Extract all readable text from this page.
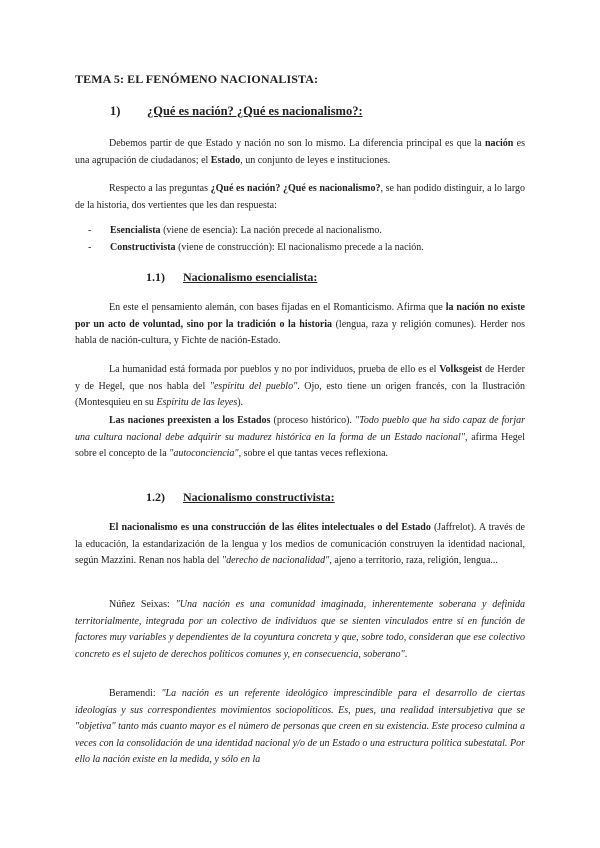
TEMA 5: EL FENÓMENO NACIONALISTA:
1) ¿Qué es nación? ¿Qué es nacionalismo?:

Debemos partir de que Estado y nación no son lo mismo. La diferencia principal es que la nación es una agrupación de ciudadanos; el Estado, un conjunto de leyes e instituciones.

Respecto a las preguntas ¿Qué es nación? ¿Qué es nacionalismo?, se han podido distinguir, a lo largo de la historia, dos vertientes que les dan respuesta:

- Esencialista (viene de esencia): La nación precede al nacionalismo.
- Constructivista (viene de construcción): El nacionalismo precede a la nación.
1.1) Nacionalismo esencialista:

En este el pensamiento alemán, con bases fijadas en el Romanticismo. Afirma que la nación no existe por un acto de voluntad, sino por la tradición o la historia (lengua, raza y religión comunes). Herder nos habla de nación-cultura, y Fichte de nación-Estado.

La humanidad está formada por pueblos y no por individuos, prueba de ello es el Volksgeist de Herder y de Hegel, que nos habla del "espíritu del pueblo". Ojo, esto tiene un origen francés, con la Ilustración (Montesquieu en su Espíritu de las leyes).

Las naciones preexisten a los Estados (proceso histórico). "Todo pueblo que ha sido capaz de forjar una cultura nacional debe adquirir su madurez histórica en la forma de un Estado nacional", afirma Hegel sobre el concepto de la "autoconciencia", sobre el que tantas veces reflexiona.

1.2) Nacionalismo constructivista:

El nacionalismo es una construcción de las élites intelectuales o del Estado (Jaffrelot). A través de la educación, la estandarización de la lengua y los medios de comunicación construyen la identidad nacional, según Mazzini. Renan nos habla del "derecho de nacionalidad", ajeno a territorio, raza, religión, lengua...

Núñez Seixas: "Una nación es una comunidad imaginada, inherentemente soberana y definida territorialmente, integrada por un colectivo de individuos que se sienten vinculados entre sí en función de factores muy variables y dependientes de la coyuntura concreta y que, sobre todo, consideran que ese colectivo concreto es el sujeto de derechos políticos comunes y, en consecuencia, soberano".

Beramendi: "La nación es un referente ideológico imprescindible para el desarrollo de ciertas ideologías y sus correspondientes movimientos sociopolíticos. Es, pues, una realidad intersubjetiva que se "objetiva" tanto más cuanto mayor es el número de personas que creen en su existencia. Este proceso culmina a veces con la consolidación de una identidad nacional y/o de un Estado o una estructura política subestatal. Por ello la nación existe en la medida, y sólo en la
